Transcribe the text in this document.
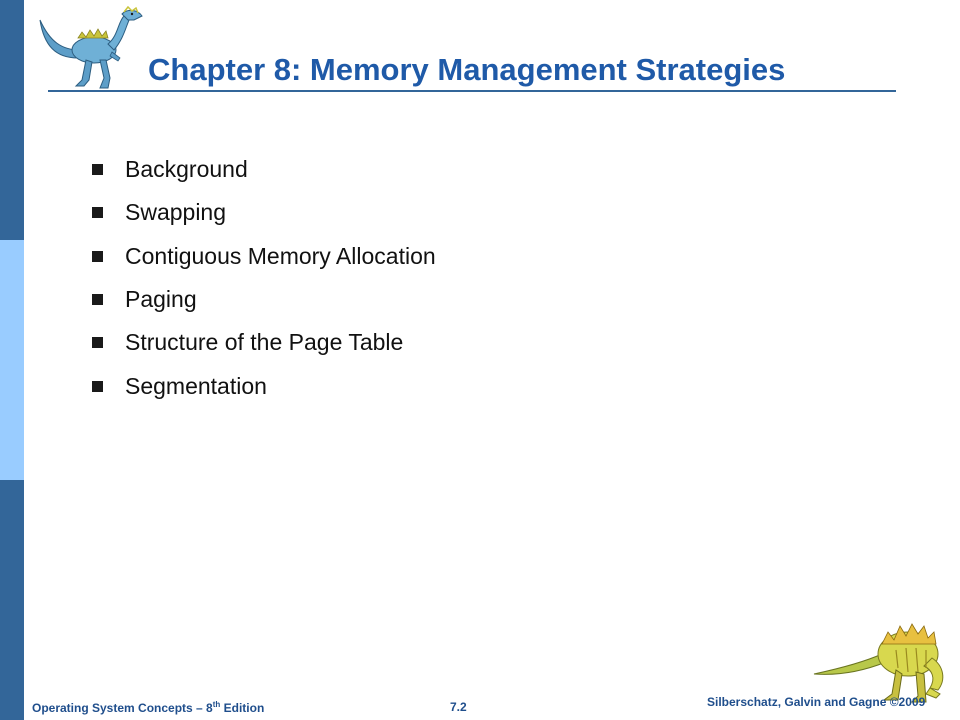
Chapter 8: Memory Management Strategies
Background
Swapping
Contiguous Memory Allocation
Paging
Structure of the Page Table
Segmentation
Operating System Concepts – 8th Edition	7.2	Silberschatz, Galvin and Gagne ©2009
